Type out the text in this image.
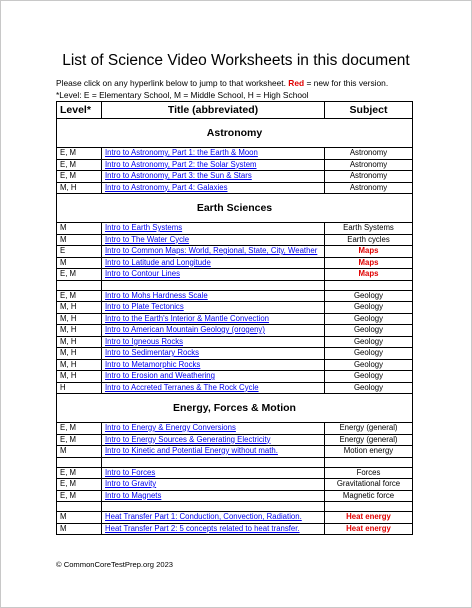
List of Science Video Worksheets in this document
Please click on any hyperlink below to jump to that worksheet. Red = new for this version.
*Level: E = Elementary School, M = Middle School, H = High School
Level*	Title (abbreviated)	Subject
Astronomy		
E, M	Intro to Astronomy, Part 1: the Earth & Moon	Astronomy
E, M	Intro to Astronomy, Part 2: the Solar System	Astronomy
E, M	Intro to Astronomy, Part 3: the Sun & Stars	Astronomy
M, H	Intro to Astronomy, Part 4: Galaxies	Astronomy
Earth Sciences		
M	Intro to Earth Systems	Earth Systems
M	Intro to The Water Cycle	Earth cycles
E	Intro to Common Maps: World, Regional, State, City, Weather	Maps
M	Intro to Latitude and Longitude	Maps
E, M	Intro to Contour Lines	Maps

E, M	Intro to Mohs Hardness Scale	Geology
M, H	Intro to Plate Tectonics	Geology
M, H	Intro to the Earth's Interior & Mantle Convection	Geology
M, H	Intro to American Mountain Geology (orogeny)	Geology
M, H	Intro to Igneous Rocks	Geology
M, H	Intro to Sedimentary Rocks	Geology
M, H	Intro to Metamorphic Rocks	Geology
M, H	Intro to Erosion and Weathering	Geology
H	Intro to Accreted Terranes & The Rock Cycle	Geology
Energy, Forces & Motion		
E, M	Intro to Energy & Energy Conversions	Energy (general)
E, M	Intro to Energy Sources & Generating Electricity	Energy (general)
M	Intro to Kinetic and Potential Energy without math.	Motion energy

E, M	Intro to Forces	Forces
E, M	Intro to Gravity	Gravitational force
E, M	Intro to Magnets	Magnetic force

M	Heat Transfer Part 1: Conduction, Convection, Radiation.	Heat energy
M	Heat Transfer Part 2: 5 concepts related to heat transfer.	Heat energy
© CommonCoreTestPrep.org 2023
